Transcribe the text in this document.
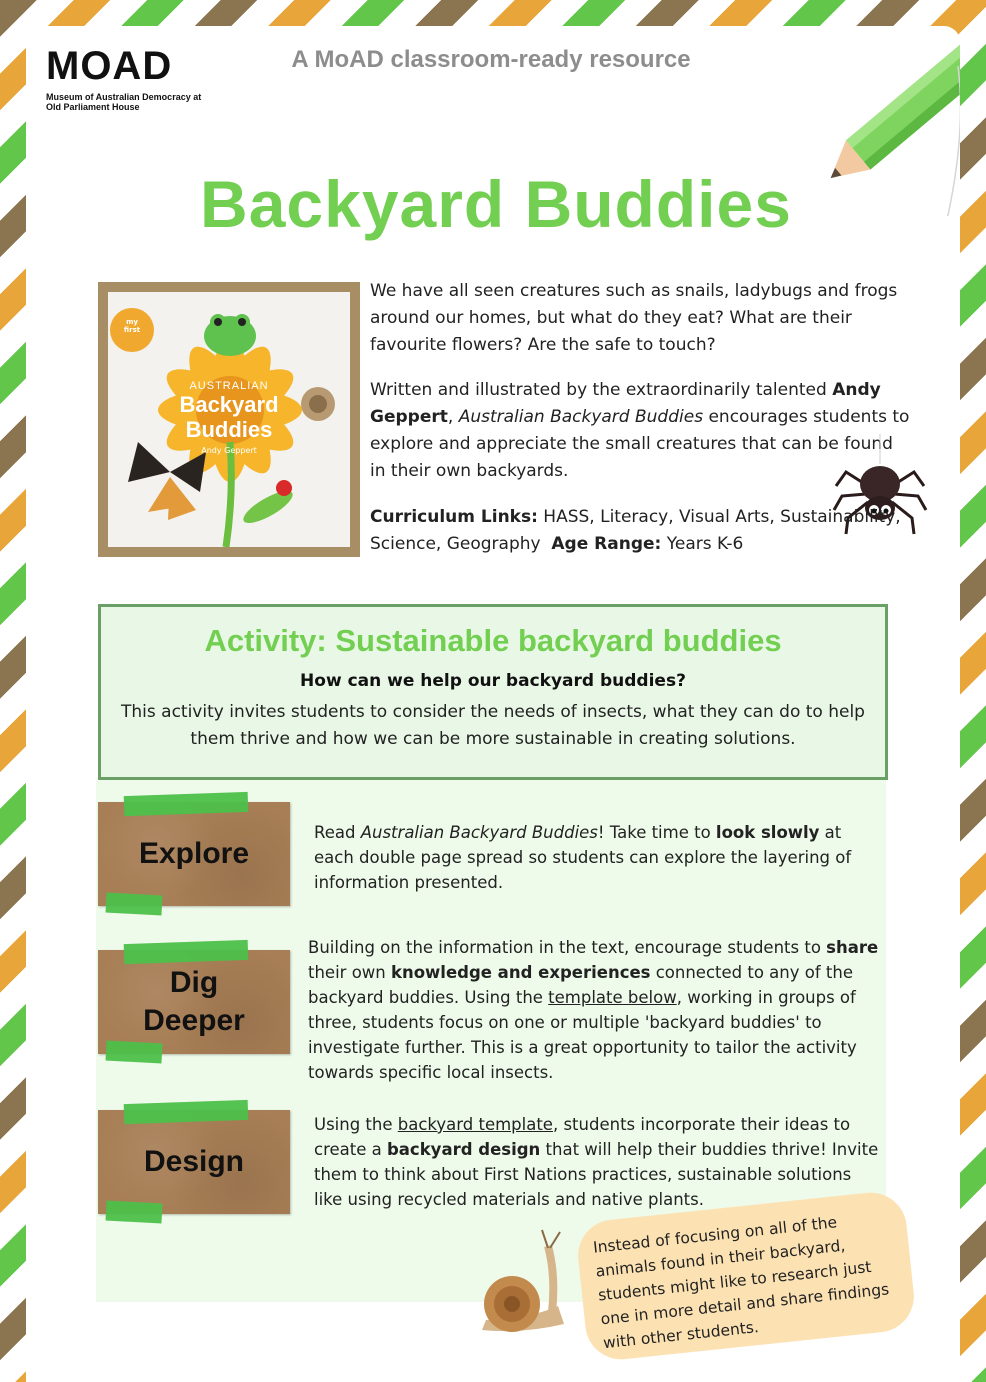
MOAD
Museum of Australian Democracy at Old Parliament House
A MoAD classroom-ready resource
Backyard Buddies
my
first
AUSTRALIAN
Backyard
Buddies
Andy Geppert

We have all seen creatures such as snails, ladybugs and frogs around our homes, but what do they eat? What are their favourite flowers? Are the safe to touch?

Written and illustrated by the extraordinarily talented Andy Geppert, Australian Backyard Buddies encourages students to explore and appreciate the small creatures that can be found in their own backyards.

Curriculum Links: HASS, Literacy, Visual Arts, Sustainability, Science, Geography Age Range: Years K-6
Activity: Sustainable backyard buddies
How can we help our backyard buddies?
This activity invites students to consider the needs of insects, what they can do to help them thrive and how we can be more sustainable in creating solutions.
Explore
Read Australian Backyard Buddies! Take time to look slowly at each double page spread so students can explore the layering of information presented.
Dig
Deeper
Building on the information in the text, encourage students to share their own knowledge and experiences connected to any of the backyard buddies. Using the template below, working in groups of three, students focus on one or multiple 'backyard buddies' to investigate further. This is a great opportunity to tailor the activity towards specific local insects.
Design
Using the backyard template, students incorporate their ideas to create a backyard design that will help their buddies thrive! Invite them to think about First Nations practices, sustainable solutions like using recycled materials and native plants.
Instead of focusing on all of the animals found in their backyard, students might like to research just one in more detail and share findings with other students.
